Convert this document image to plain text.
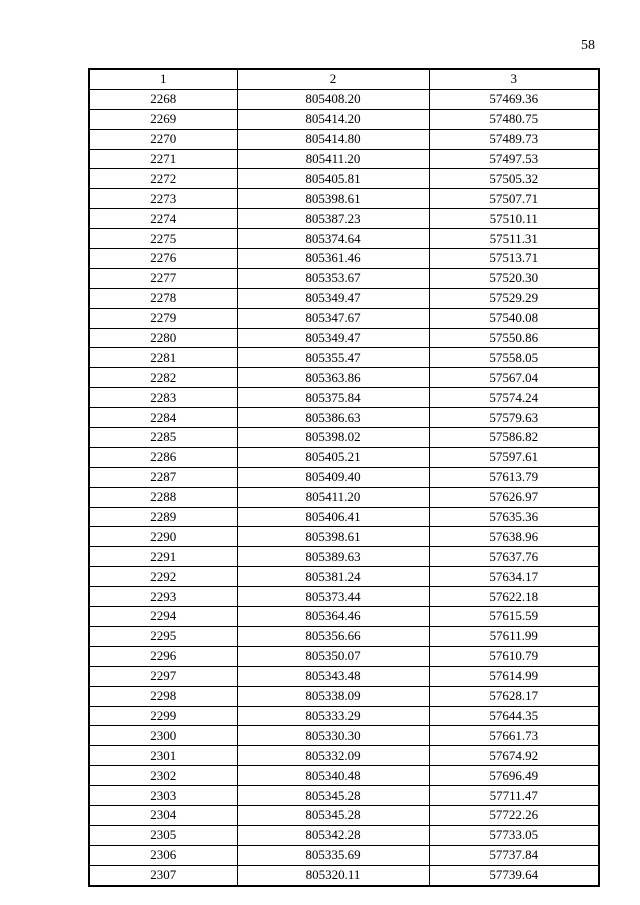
58
1	2	3
2268	805408.20	57469.36
2269	805414.20	57480.75
2270	805414.80	57489.73
2271	805411.20	57497.53
2272	805405.81	57505.32
2273	805398.61	57507.71
2274	805387.23	57510.11
2275	805374.64	57511.31
2276	805361.46	57513.71
2277	805353.67	57520.30
2278	805349.47	57529.29
2279	805347.67	57540.08
2280	805349.47	57550.86
2281	805355.47	57558.05
2282	805363.86	57567.04
2283	805375.84	57574.24
2284	805386.63	57579.63
2285	805398.02	57586.82
2286	805405.21	57597.61
2287	805409.40	57613.79
2288	805411.20	57626.97
2289	805406.41	57635.36
2290	805398.61	57638.96
2291	805389.63	57637.76
2292	805381.24	57634.17
2293	805373.44	57622.18
2294	805364.46	57615.59
2295	805356.66	57611.99
2296	805350.07	57610.79
2297	805343.48	57614.99
2298	805338.09	57628.17
2299	805333.29	57644.35
2300	805330.30	57661.73
2301	805332.09	57674.92
2302	805340.48	57696.49
2303	805345.28	57711.47
2304	805345.28	57722.26
2305	805342.28	57733.05
2306	805335.69	57737.84
2307	805320.11	57739.64
